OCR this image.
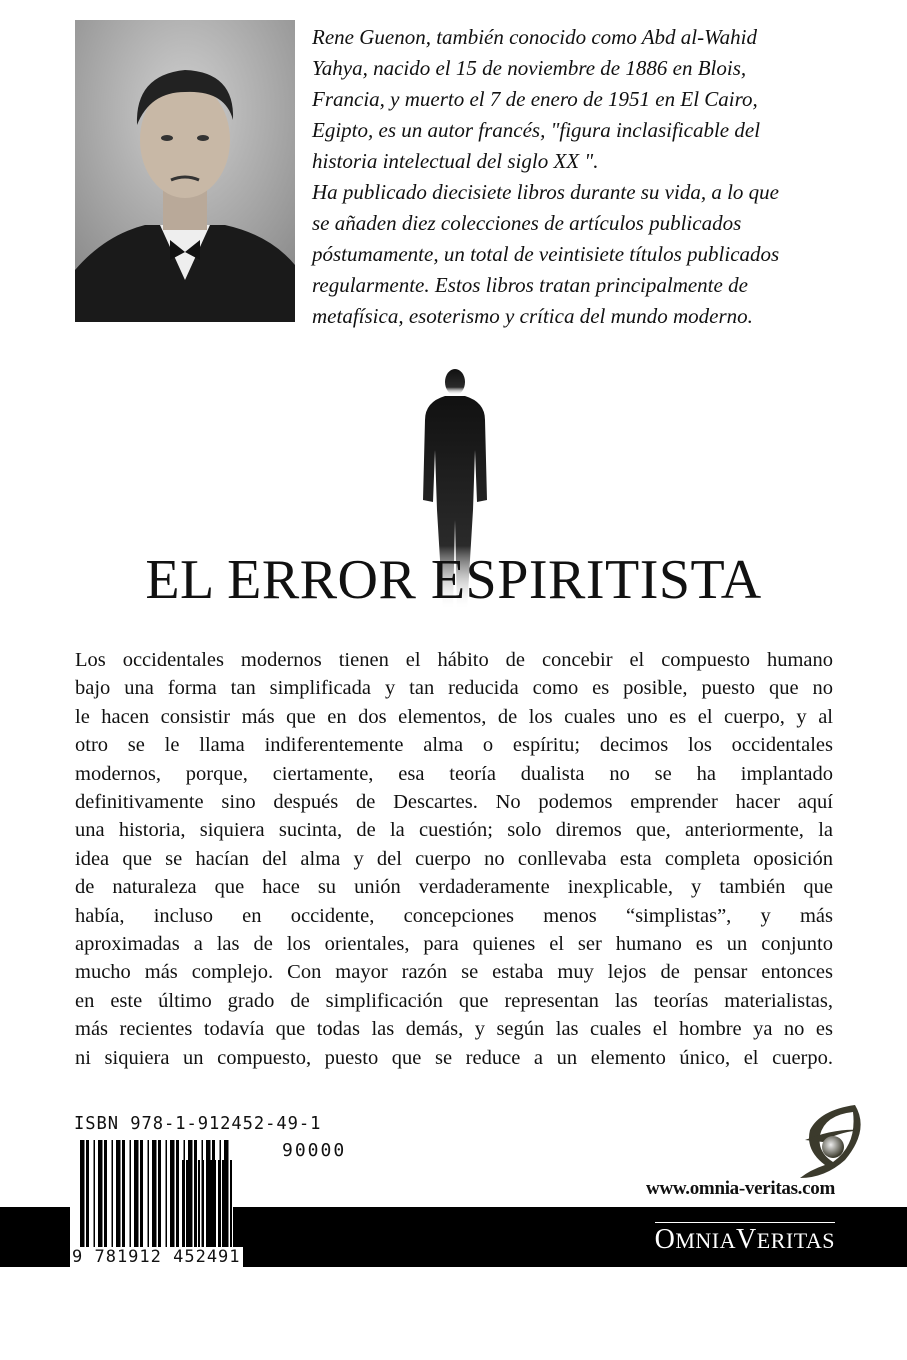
Rene Guenon, también conocido como Abd al-Wahid
Yahya, nacido el 15 de noviembre de 1886 en Blois,
Francia, y muerto el 7 de enero de 1951 en El Cairo,
Egipto, es un autor francés, "figura inclasificable del
historia intelectual del siglo XX ".
Ha publicado diecisiete libros durante su vida, a lo que
se añaden diez colecciones de artículos publicados
póstumamente, un total de veintisiete títulos publicados
regularmente. Estos libros tratan principalmente de
metafísica, esoterismo y crítica del mundo moderno.
EL ERROR ESPIRITISTA
Los occidentales modernos tienen el hábito de concebir el compuesto humano
bajo una forma tan simplificada y tan reducida como es posible, puesto que no
le hacen consistir más que en dos elementos, de los cuales uno es el cuerpo, y al
otro se le llama indiferentemente alma o espíritu; decimos los occidentales
modernos, porque, ciertamente, esa teoría dualista no se ha implantado
definitivamente sino después de Descartes. No podemos emprender hacer aquí
una historia, siquiera sucinta, de la cuestión; solo diremos que, anteriormente, la
idea que se hacían del alma y del cuerpo no conllevaba esta completa oposición
de naturaleza que hace su unión verdaderamente inexplicable, y también que
había, incluso en occidente, concepciones menos “simplistas”, y más
aproximadas a las de los orientales, para quienes el ser humano es un conjunto
mucho más complejo. Con mayor razón se estaba muy lejos de pensar entonces
en este último grado de simplificación que representan las teorías materialistas,
más recientes todavía que todas las demás, y según las cuales el hombre ya no es
ni siquiera un compuesto, puesto que se reduce a un elemento único, el cuerpo.
ISBN 978-1-912452-49-1
90000
9 781912 452491
www.omnia-veritas.com
OMNIAVERITAS
